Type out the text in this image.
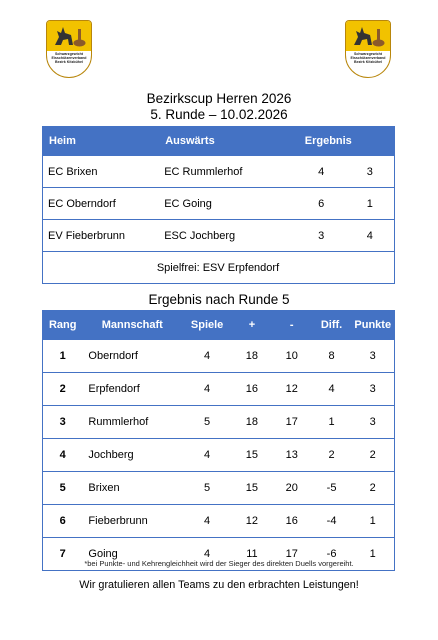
Schwarzgewicht Eisschützenverband Bezirk Kitzbühel
Schwarzgewicht Eisschützenverband Bezirk Kitzbühel
Bezirkscup Herren 2026
5. Runde – 10.02.2026
Heim	Auswärts	Ergebnis	
EC Brixen	EC Rummlerhof	4	3
EC Oberndorf	EC Going	6	1
EV Fieberbrunn	ESC Jochberg	3	4
Spielfrei: ESV Erpfendorf			
Ergebnis nach Runde 5
Rang	Mannschaft	Spiele	+	-	Diff.	Punkte
1	Oberndorf	4	18	10	8	3
2	Erpfendorf	4	16	12	4	3
3	Rummlerhof	5	18	17	1	3
4	Jochberg	4	15	13	2	2
5	Brixen	5	15	20	-5	2
6	Fieberbrunn	4	12	16	-4	1
7	Going	4	11	17	-6	1
*bei Punkte- und Kehrengleichheit wird der Sieger des direkten Duells vorgereiht.
Wir gratulieren allen Teams zu den erbrachten Leistungen!
